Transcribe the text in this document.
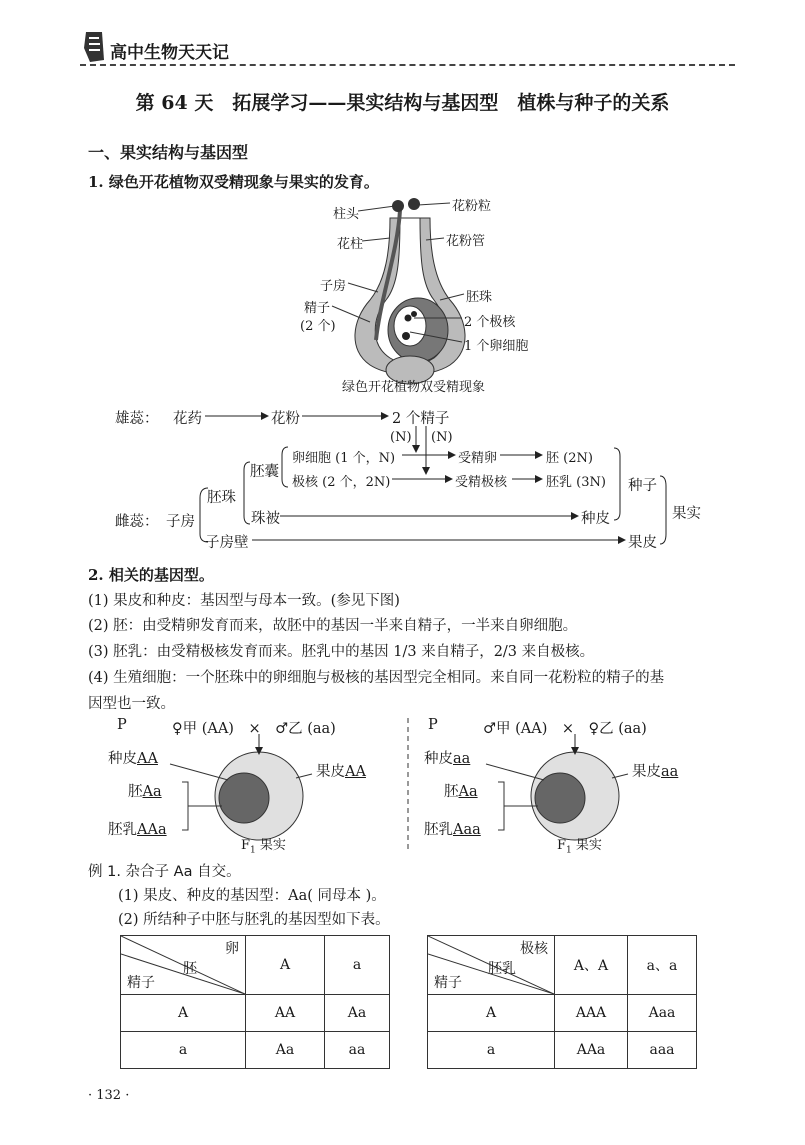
高中生物天天记
第 64 天　拓展学习——果实结构与基因型　植株与种子的关系
一、果实结构与基因型
1. 绿色开花植物双受精现象与果实的发育。
柱头
花柱
子房
精子
(2 个)
花粉粒
花粉管
胚珠
2 个极核
1 个卵细胞
绿色开花植物双受精现象
雄蕊： 花药	花粉	2 个精子
(N) (N)
胚囊
卵细胞 (1 个，N)	受精卵	胚 (2N)
极核 (2 个，2N)	受精极核	胚乳 (3N)
胚珠
雌蕊： 子房	珠被	种皮
子房壁	果皮
种子
果实
2. 相关的基因型。
(1) 果皮和种皮：基因型与母本一致。(参见下图)
(2) 胚：由受精卵发育而来，故胚中的基因一半来自精子，一半来自卵细胞。
(3) 胚乳：由受精极核发育而来。胚乳中的基因 1/3 来自精子，2/3 来自极核。
(4) 生殖细胞：一个胚珠中的卵细胞与极核的基因型完全相同。来自同一花粉粒的精子的基
因型也一致。
P	♀甲 (AA)　×　♂乙 (aa)
种皮AA
果皮AA
胚Aa
胚乳AAa
$F_1$ 果实
P	♂甲 (AA)　×　♀乙 (aa)
种皮aa
果皮aa
胚Aa
胚乳Aaa
$F_1$ 果实
例 1. 杂合子 Aa 自交。
(1) 果皮、种皮的基因型：Aa( 同母本 )。
(2) 所结种子中胚与胚乳的基因型如下表。
卵
胚
精子	A	a
A	AA	Aa
a	Aa	aa
极核
胚乳
精子	A、A	a、a
A	AAA	Aaa
a	AAa	aaa
· 132 ·
